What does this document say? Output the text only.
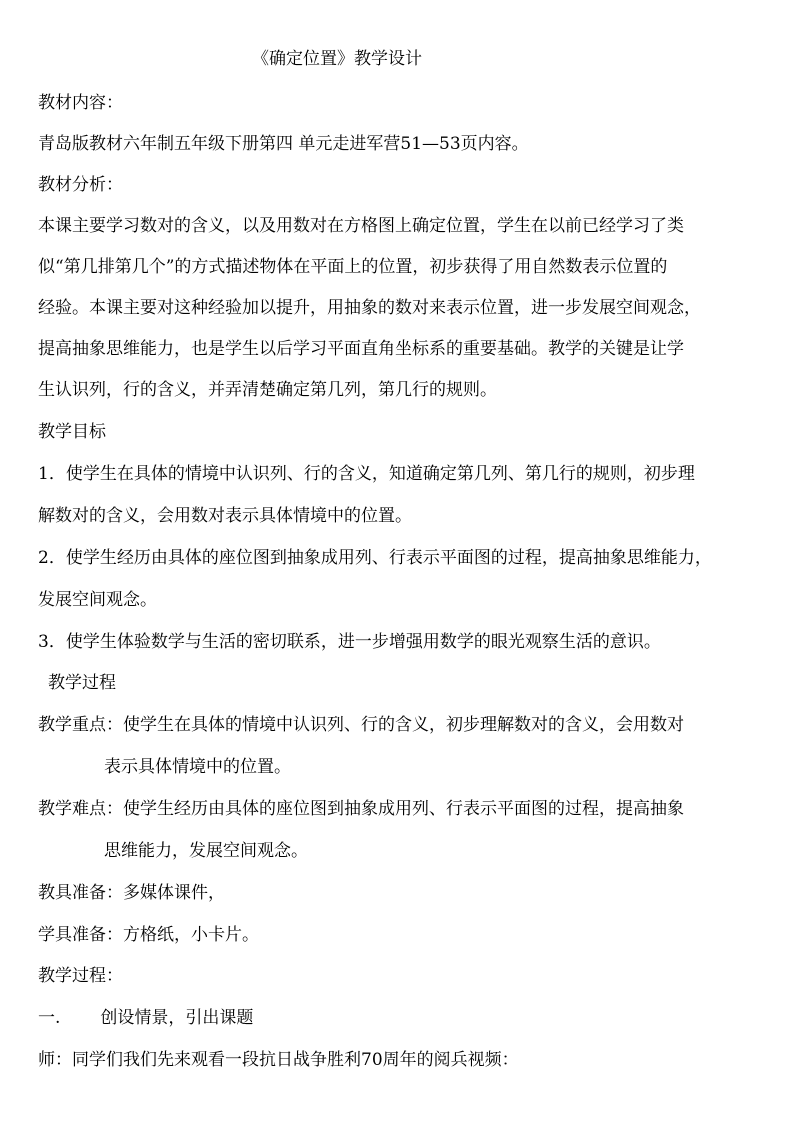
《确定位置》教学设计
教材内容：
青岛版教材六年制五年级下册第四 单元走进军营51—53页内容。
教材分析：
本课主要学习数对的含义，以及用数对在方格图上确定位置，学生在以前已经学习了类
似“第几排第几个”的方式描述物体在平面上的位置，初步获得了用自然数表示位置的
经验。本课主要对这种经验加以提升，用抽象的数对来表示位置，进一步发展空间观念，
提高抽象思维能力，也是学生以后学习平面直角坐标系的重要基础。教学的关键是让学
生认识列，行的含义，并弄清楚确定第几列，第几行的规则。
教学目标
1．使学生在具体的情境中认识列、行的含义，知道确定第几列、第几行的规则，初步理
解数对的含义，会用数对表示具体情境中的位置。
2．使学生经历由具体的座位图到抽象成用列、行表示平面图的过程，提高抽象思维能力，
发展空间观念。
3．使学生体验数学与生活的密切联系，进一步增强用数学的眼光观察生活的意识。
教学过程
教学重点：使学生在具体的情境中认识列、行的含义，初步理解数对的含义，会用数对
表示具体情境中的位置。
教学难点：使学生经历由具体的座位图到抽象成用列、行表示平面图的过程，提高抽象
思维能力，发展空间观念。
教具准备：多媒体课件，
学具准备：方格纸，小卡片。
教学过程：
一. 创设情景，引出课题
师：同学们我们先来观看一段抗日战争胜利70周年的阅兵视频：
